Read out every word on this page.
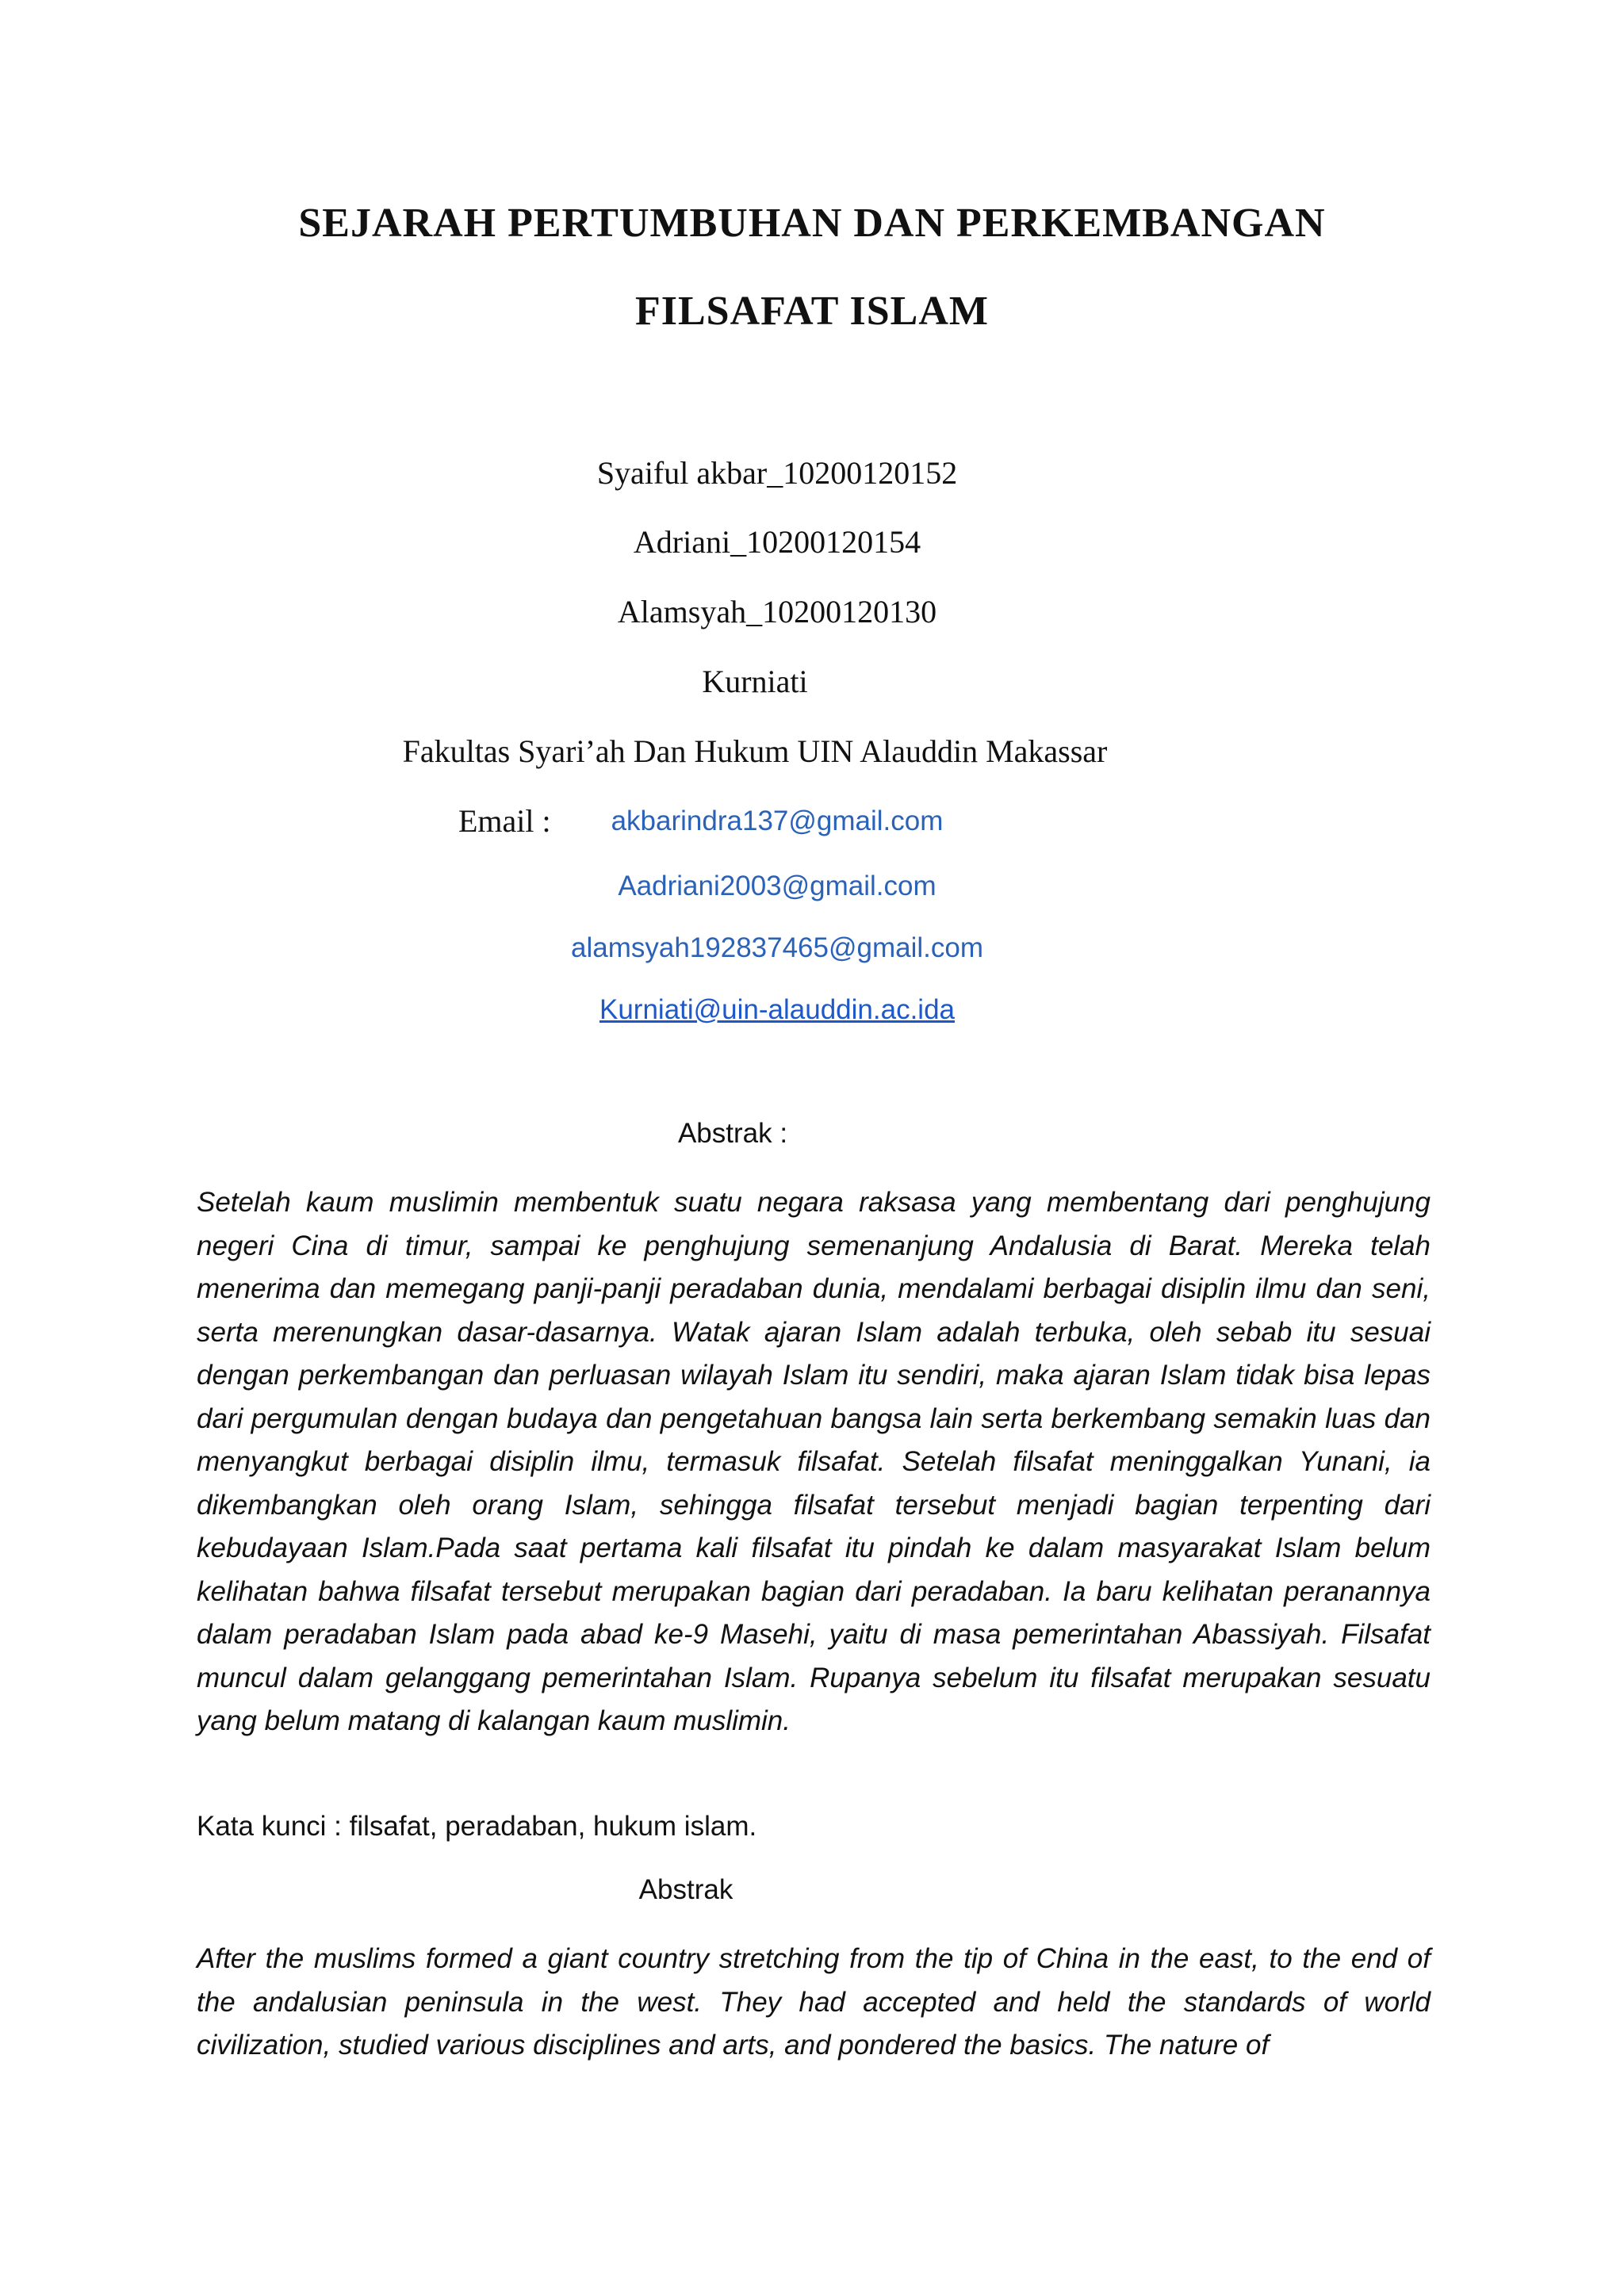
SEJARAH PERTUMBUHAN DAN PERKEMBANGAN
FILSAFAT ISLAM
Syaiful akbar_10200120152
Adriani_10200120154
Alamsyah_10200120130
Kurniati
Fakultas Syari’ah Dan Hukum UIN Alauddin Makassar
Email :	akbarindra137@gmail.com
Aadriani2003@gmail.com
alamsyah192837465@gmail.com
Kurniati@uin-alauddin.ac.ida
Abstrak :

Setelah kaum muslimin membentuk suatu negara raksasa yang membentang dari penghujung negeri Cina di timur, sampai ke penghujung semenanjung Andalusia di Barat. Mereka telah menerima dan memegang panji-panji peradaban dunia, mendalami berbagai disiplin ilmu dan seni, serta merenungkan dasar-dasarnya. Watak ajaran Islam adalah terbuka, oleh sebab itu sesuai dengan perkembangan dan perluasan wilayah Islam itu sendiri, maka ajaran Islam tidak bisa lepas dari pergumulan dengan budaya dan pengetahuan bangsa lain serta berkembang semakin luas dan menyangkut berbagai disiplin ilmu, termasuk filsafat. Setelah filsafat meninggalkan Yunani, ia dikembangkan oleh orang Islam, sehingga filsafat tersebut menjadi bagian terpenting dari kebudayaan Islam.Pada saat pertama kali filsafat itu pindah ke dalam masyarakat Islam belum kelihatan bahwa filsafat tersebut merupakan bagian dari peradaban. Ia baru kelihatan peranannya dalam peradaban Islam pada abad ke-9 Masehi, yaitu di masa pemerintahan Abassiyah. Filsafat muncul dalam gelanggang pemerintahan Islam. Rupanya sebelum itu filsafat merupakan sesuatu yang belum matang di kalangan kaum muslimin.

Kata kunci : filsafat, peradaban, hukum islam.
Abstrak

After the muslims formed a giant country stretching from the tip of China in the east, to the end of the andalusian peninsula in the west. They had accepted and held the standards of world civilization, studied various disciplines and arts, and pondered the basics. The nature of
